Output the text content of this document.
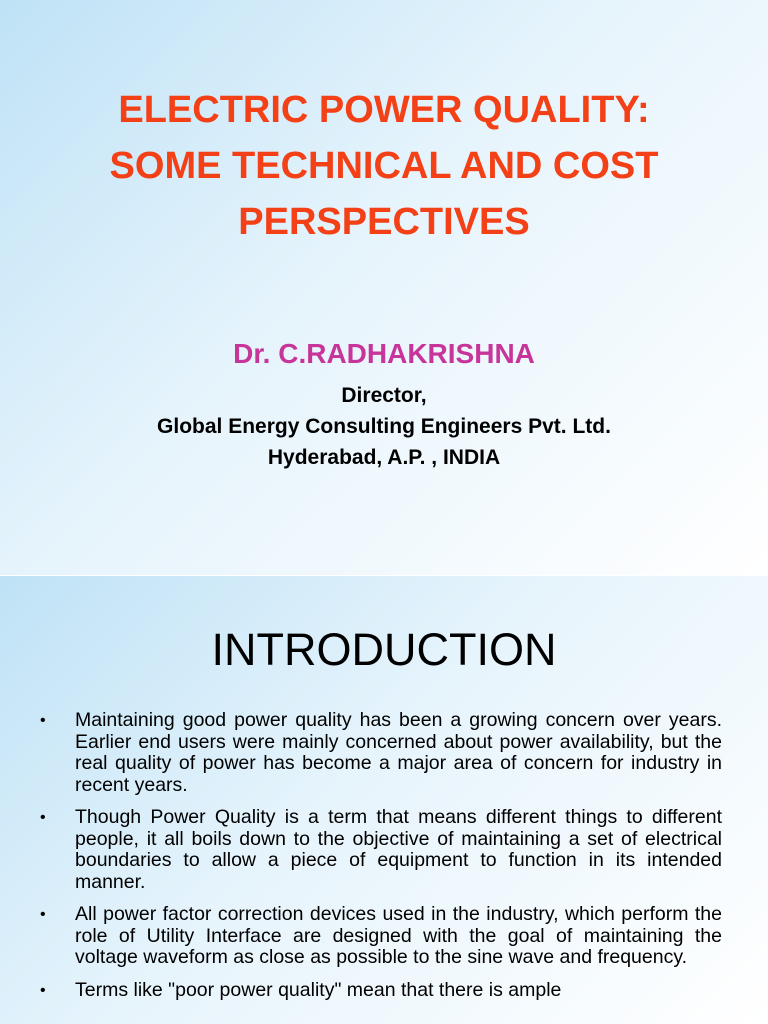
ELECTRIC POWER QUALITY:
SOME TECHNICAL AND COST
PERSPECTIVES
Dr. C.RADHAKRISHNA
Director,
Global Energy Consulting Engineers Pvt. Ltd.
Hyderabad, A.P. , INDIA
INTRODUCTION
• Maintaining good power quality has been a growing concern over years. Earlier end users were mainly concerned about power availability, but the real quality of power has become a major area of concern for industry in recent years.
• Though Power Quality is a term that means different things to different people, it all boils down to the objective of maintaining a set of electrical boundaries to allow a piece of equipment to function in its intended manner.
• All power factor correction devices used in the industry, which perform the role of Utility Interface are designed with the goal of maintaining the voltage waveform as close as possible to the sine wave and frequency.
• Terms like "poor power quality" mean that there is ample
